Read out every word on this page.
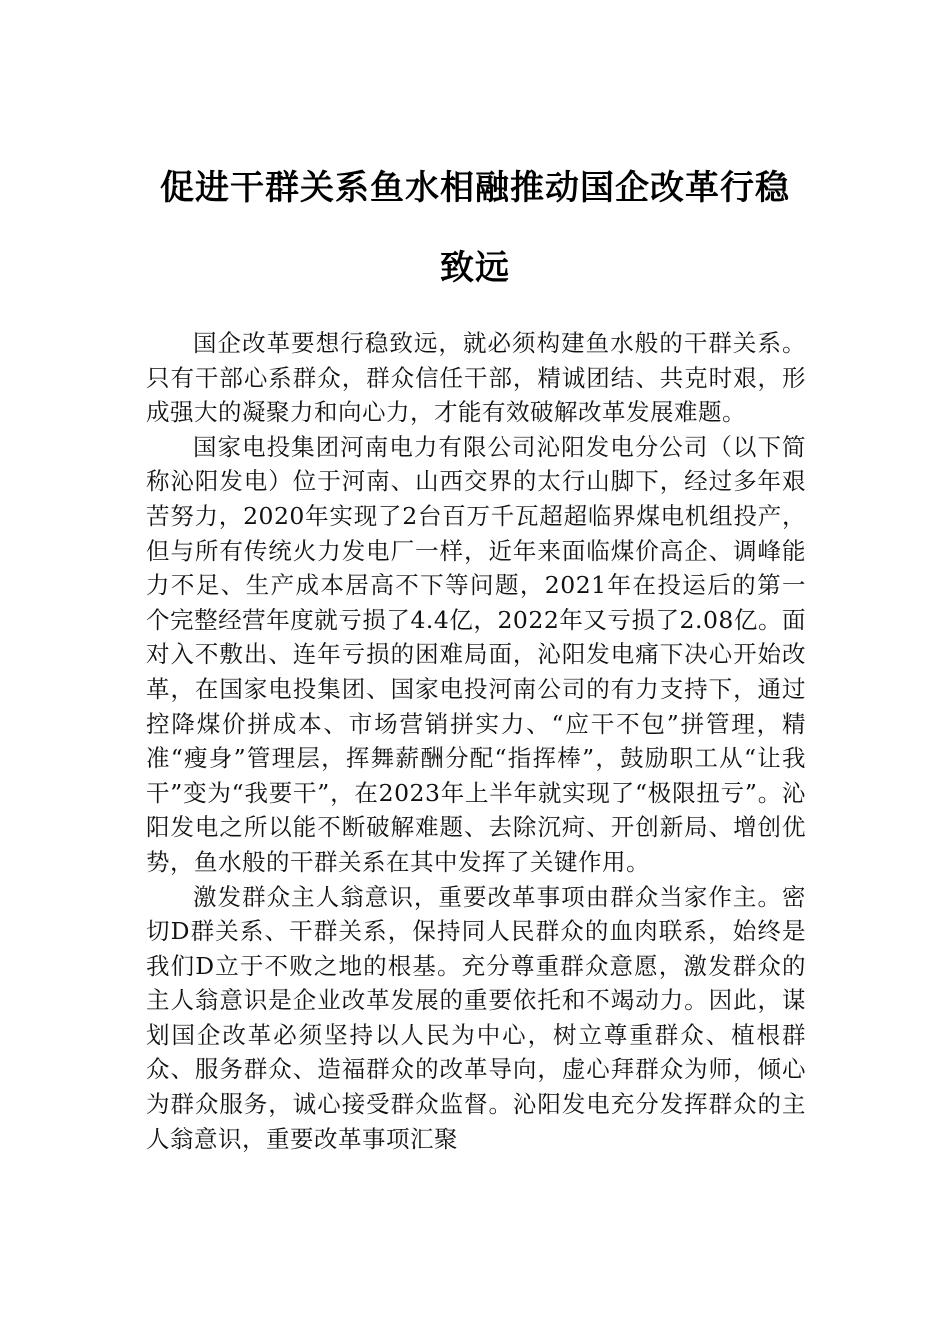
促进干群关系鱼水相融推动国企改革行稳致远

国企改革要想行稳致远，就必须构建鱼水般的干群关系。只有干部心系群众，群众信任干部，精诚团结、共克时艰，形成强大的凝聚力和向心力，才能有效破解改革发展难题。

国家电投集团河南电力有限公司沁阳发电分公司（以下简称沁阳发电）位于河南、山西交界的太行山脚下，经过多年艰苦努力，2020年实现了2台百万千瓦超超临界煤电机组投产，但与所有传统火力发电厂一样，近年来面临煤价高企、调峰能力不足、生产成本居高不下等问题，2021年在投运后的第一个完整经营年度就亏损了4.4亿，2022年又亏损了2.08亿。面对入不敷出、连年亏损的困难局面，沁阳发电痛下决心开始改革，在国家电投集团、国家电投河南公司的有力支持下，通过控降煤价拼成本、市场营销拼实力、“应干不包”拼管理，精准“瘦身”管理层，挥舞薪酬分配“指挥棒”，鼓励职工从“让我干”变为“我要干”，在2023年上半年就实现了“极限扭亏”。沁阳发电之所以能不断破解难题、去除沉疴、开创新局、增创优势，鱼水般的干群关系在其中发挥了关键作用。

激发群众主人翁意识，重要改革事项由群众当家作主。密切D群关系、干群关系，保持同人民群众的血肉联系，始终是我们D立于不败之地的根基。充分尊重群众意愿，激发群众的主人翁意识是企业改革发展的重要依托和不竭动力。因此，谋划国企改革必须坚持以人民为中心，树立尊重群众、植根群众、服务群众、造福群众的改革导向，虚心拜群众为师，倾心为群众服务，诚心接受群众监督。沁阳发电充分发挥群众的主人翁意识，重要改革事项汇聚
